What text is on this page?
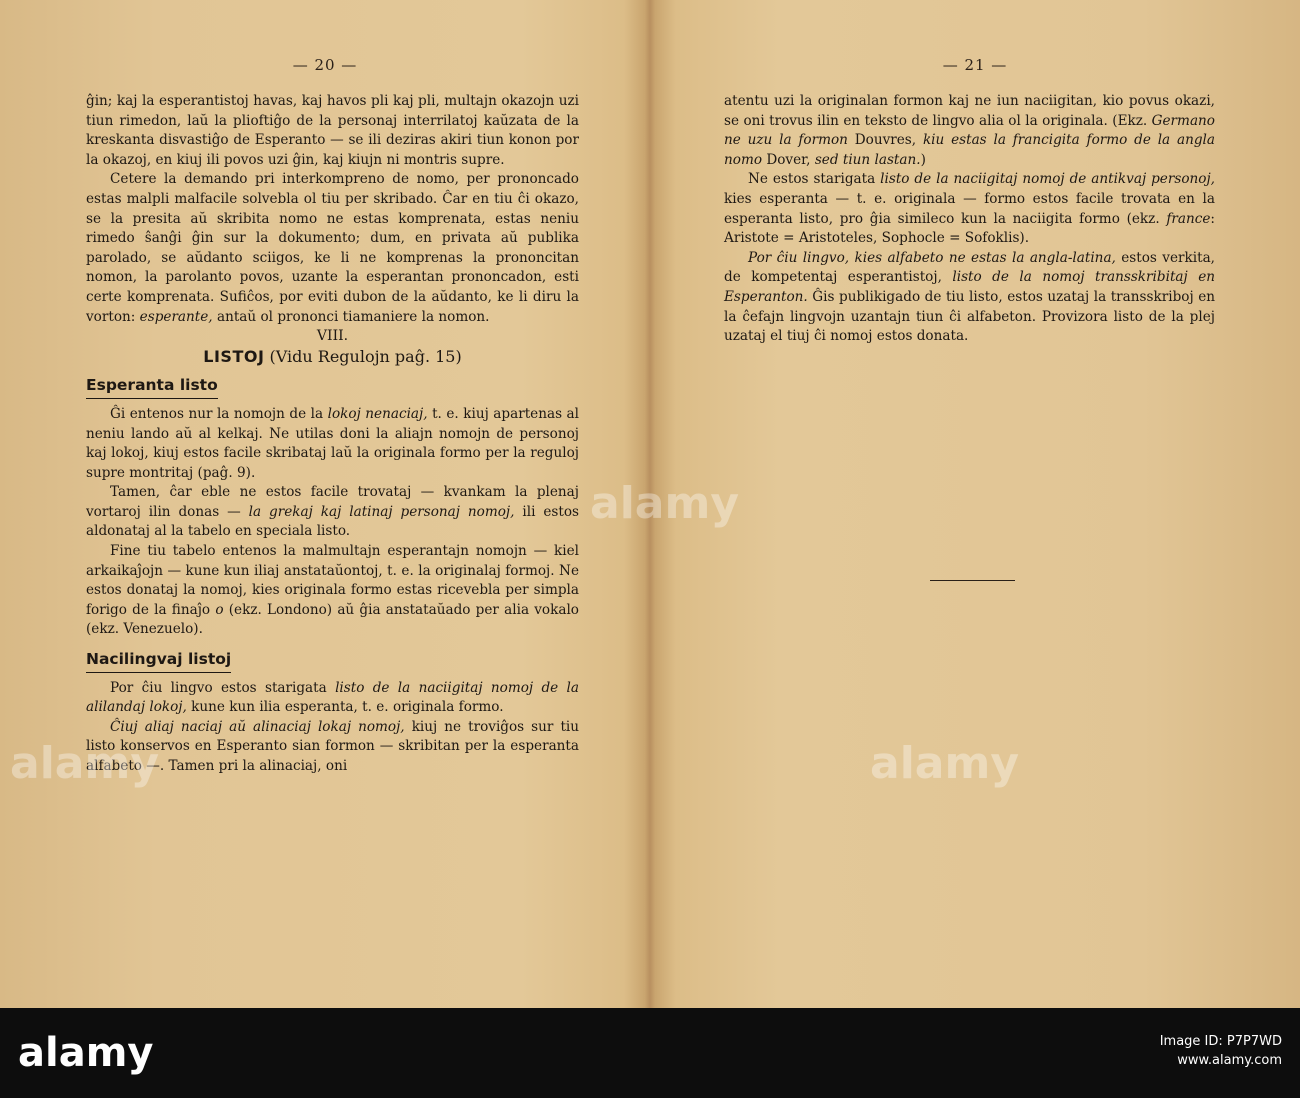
— 20 —

ĝin; kaj la esperantistoj havas, kaj havos pli kaj pli, multajn okazojn uzi tiun rimedon, laŭ la plioftiĝo de la personaj interrilatoj kaŭzata de la kreskanta disvastiĝo de Esperanto — se ili deziras akiri tiun konon por la okazoj, en kiuj ili povos uzi ĝin, kaj kiujn ni montris supre.

Cetere la demando pri interkompreno de nomo, per prononcado estas malpli malfacile solvebla ol tiu per skribado. Ĉar en tiu ĉi okazo, se la presita aŭ skribita nomo ne estas komprenata, estas neniu rimedo ŝanĝi ĝin sur la dokumento; dum, en privata aŭ publika parolado, se aŭdanto sciigos, ke li ne komprenas la prononcitan nomon, la parolanto povos, uzante la esperantan prononcadon, esti certe komprenata. Sufiĉos, por eviti dubon de la aŭdanto, ke li diru la vorton: esperante, antaŭ ol prononci tiamaniere la nomon.

VIII.

LISTOJ (Vidu Regulojn paĝ. 15)

Esperanta listo

Ĝi entenos nur la nomojn de la lokoj nenaciaj, t. e. kiuj apartenas al neniu lando aŭ al kelkaj. Ne utilas doni la aliajn nomojn de personoj kaj lokoj, kiuj estos facile skribataj laŭ la originala formo per la reguloj supre montritaj (paĝ. 9).

Tamen, ĉar eble ne estos facile trovataj — kvankam la plenaj vortaroj ilin donas — la grekaj kaj latinaj personaj nomoj, ili estos aldonataj al la tabelo en speciala listo.

Fine tiu tabelo entenos la malmultajn esperantajn nomojn — kiel arkaikaĵojn — kune kun iliaj anstataŭontoj, t. e. la originalaj formoj. Ne estos donataj la nomoj, kies originala formo estas ricevebla per simpla forigo de la finaĵo o (ekz. Londono) aŭ ĝia anstataŭado per alia vokalo (ekz. Venezuelo).

Nacilingvaj listoj

Por ĉiu lingvo estos starigata listo de la naciigitaj nomoj de la alilandaj lokoj, kune kun ilia esperanta, t. e. originala formo.

Ĉiuj aliaj naciaj aŭ alinaciaj lokaj nomoj, kiuj ne troviĝos sur tiu listo konservos en Esperanto sian formon — skribitan per la esperanta alfabeto —. Tamen pri la alinaciaj, oni

— 21 —

atentu uzi la originalan formon kaj ne iun naciigitan, kio povus okazi, se oni trovus ilin en teksto de lingvo alia ol la originala. (Ekz. Germano ne uzu la formon Douvres, kiu estas la francigita formo de la angla nomo Dover, sed tiun lastan.)

Ne estos starigata listo de la naciigitaj nomoj de antikvaj personoj, kies esperanta — t. e. originala — formo estos facile trovata en la esperanta listo, pro ĝia simileco kun la naciigita formo (ekz. france: Aristote = Aristoteles, Sophocle = Sofoklis).

Por ĉiu lingvo, kies alfabeto ne estas la angla-latina, estos verkita, de kompetentaj esperantistoj, listo de la nomoj transskribitaj en Esperanton. Ĝis publikigado de tiu listo, estos uzataj la transskriboj en la ĉefajn lingvojn uzantajn tiun ĉi alfabeton. Provizora listo de la plej uzataj el tiuj ĉi nomoj estos donata.

alamy
alamy	alamy
alamy	Image ID: P7P7WD
www.alamy.com
